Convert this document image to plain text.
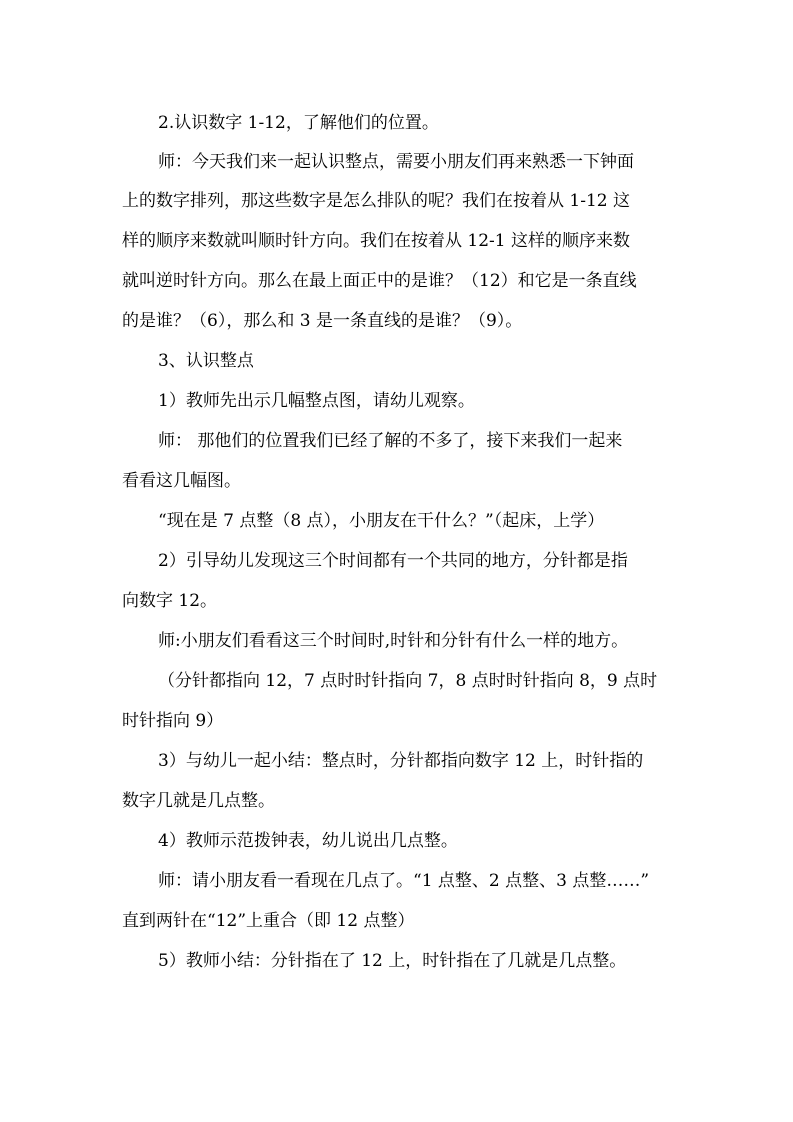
2.认识数字 1-12，了解他们的位置。
师：今天我们来一起认识整点，需要小朋友们再来熟悉一下钟面
上的数字排列，那这些数字是怎么排队的呢？我们在按着从 1-12 这
样的顺序来数就叫顺时针方向。我们在按着从 12-1 这样的顺序来数
就叫逆时针方向。那么在最上面正中的是谁？（12）和它是一条直线
的是谁？（6），那么和 3 是一条直线的是谁？（9）。
3、认识整点
1）教师先出示几幅整点图，请幼儿观察。
师： 那他们的位置我们已经了解的不多了，接下来我们一起来
看看这几幅图。
“现在是 7 点整（8 点），小朋友在干什么？”（起床，上学）
2）引导幼儿发现这三个时间都有一个共同的地方，分针都是指
向数字 12。
师:小朋友们看看这三个时间时,时针和分针有什么一样的地方。
（分针都指向 12，7 点时时针指向 7，8 点时时针指向 8，9 点时
时针指向 9）
3）与幼儿一起小结：整点时，分针都指向数字 12 上，时针指的
数字几就是几点整。
4）教师示范拨钟表，幼儿说出几点整。
师：请小朋友看一看现在几点了。“1 点整、2 点整、3 点整……”
直到两针在“12”上重合（即 12 点整）
5）教师小结：分针指在了 12 上，时针指在了几就是几点整。
